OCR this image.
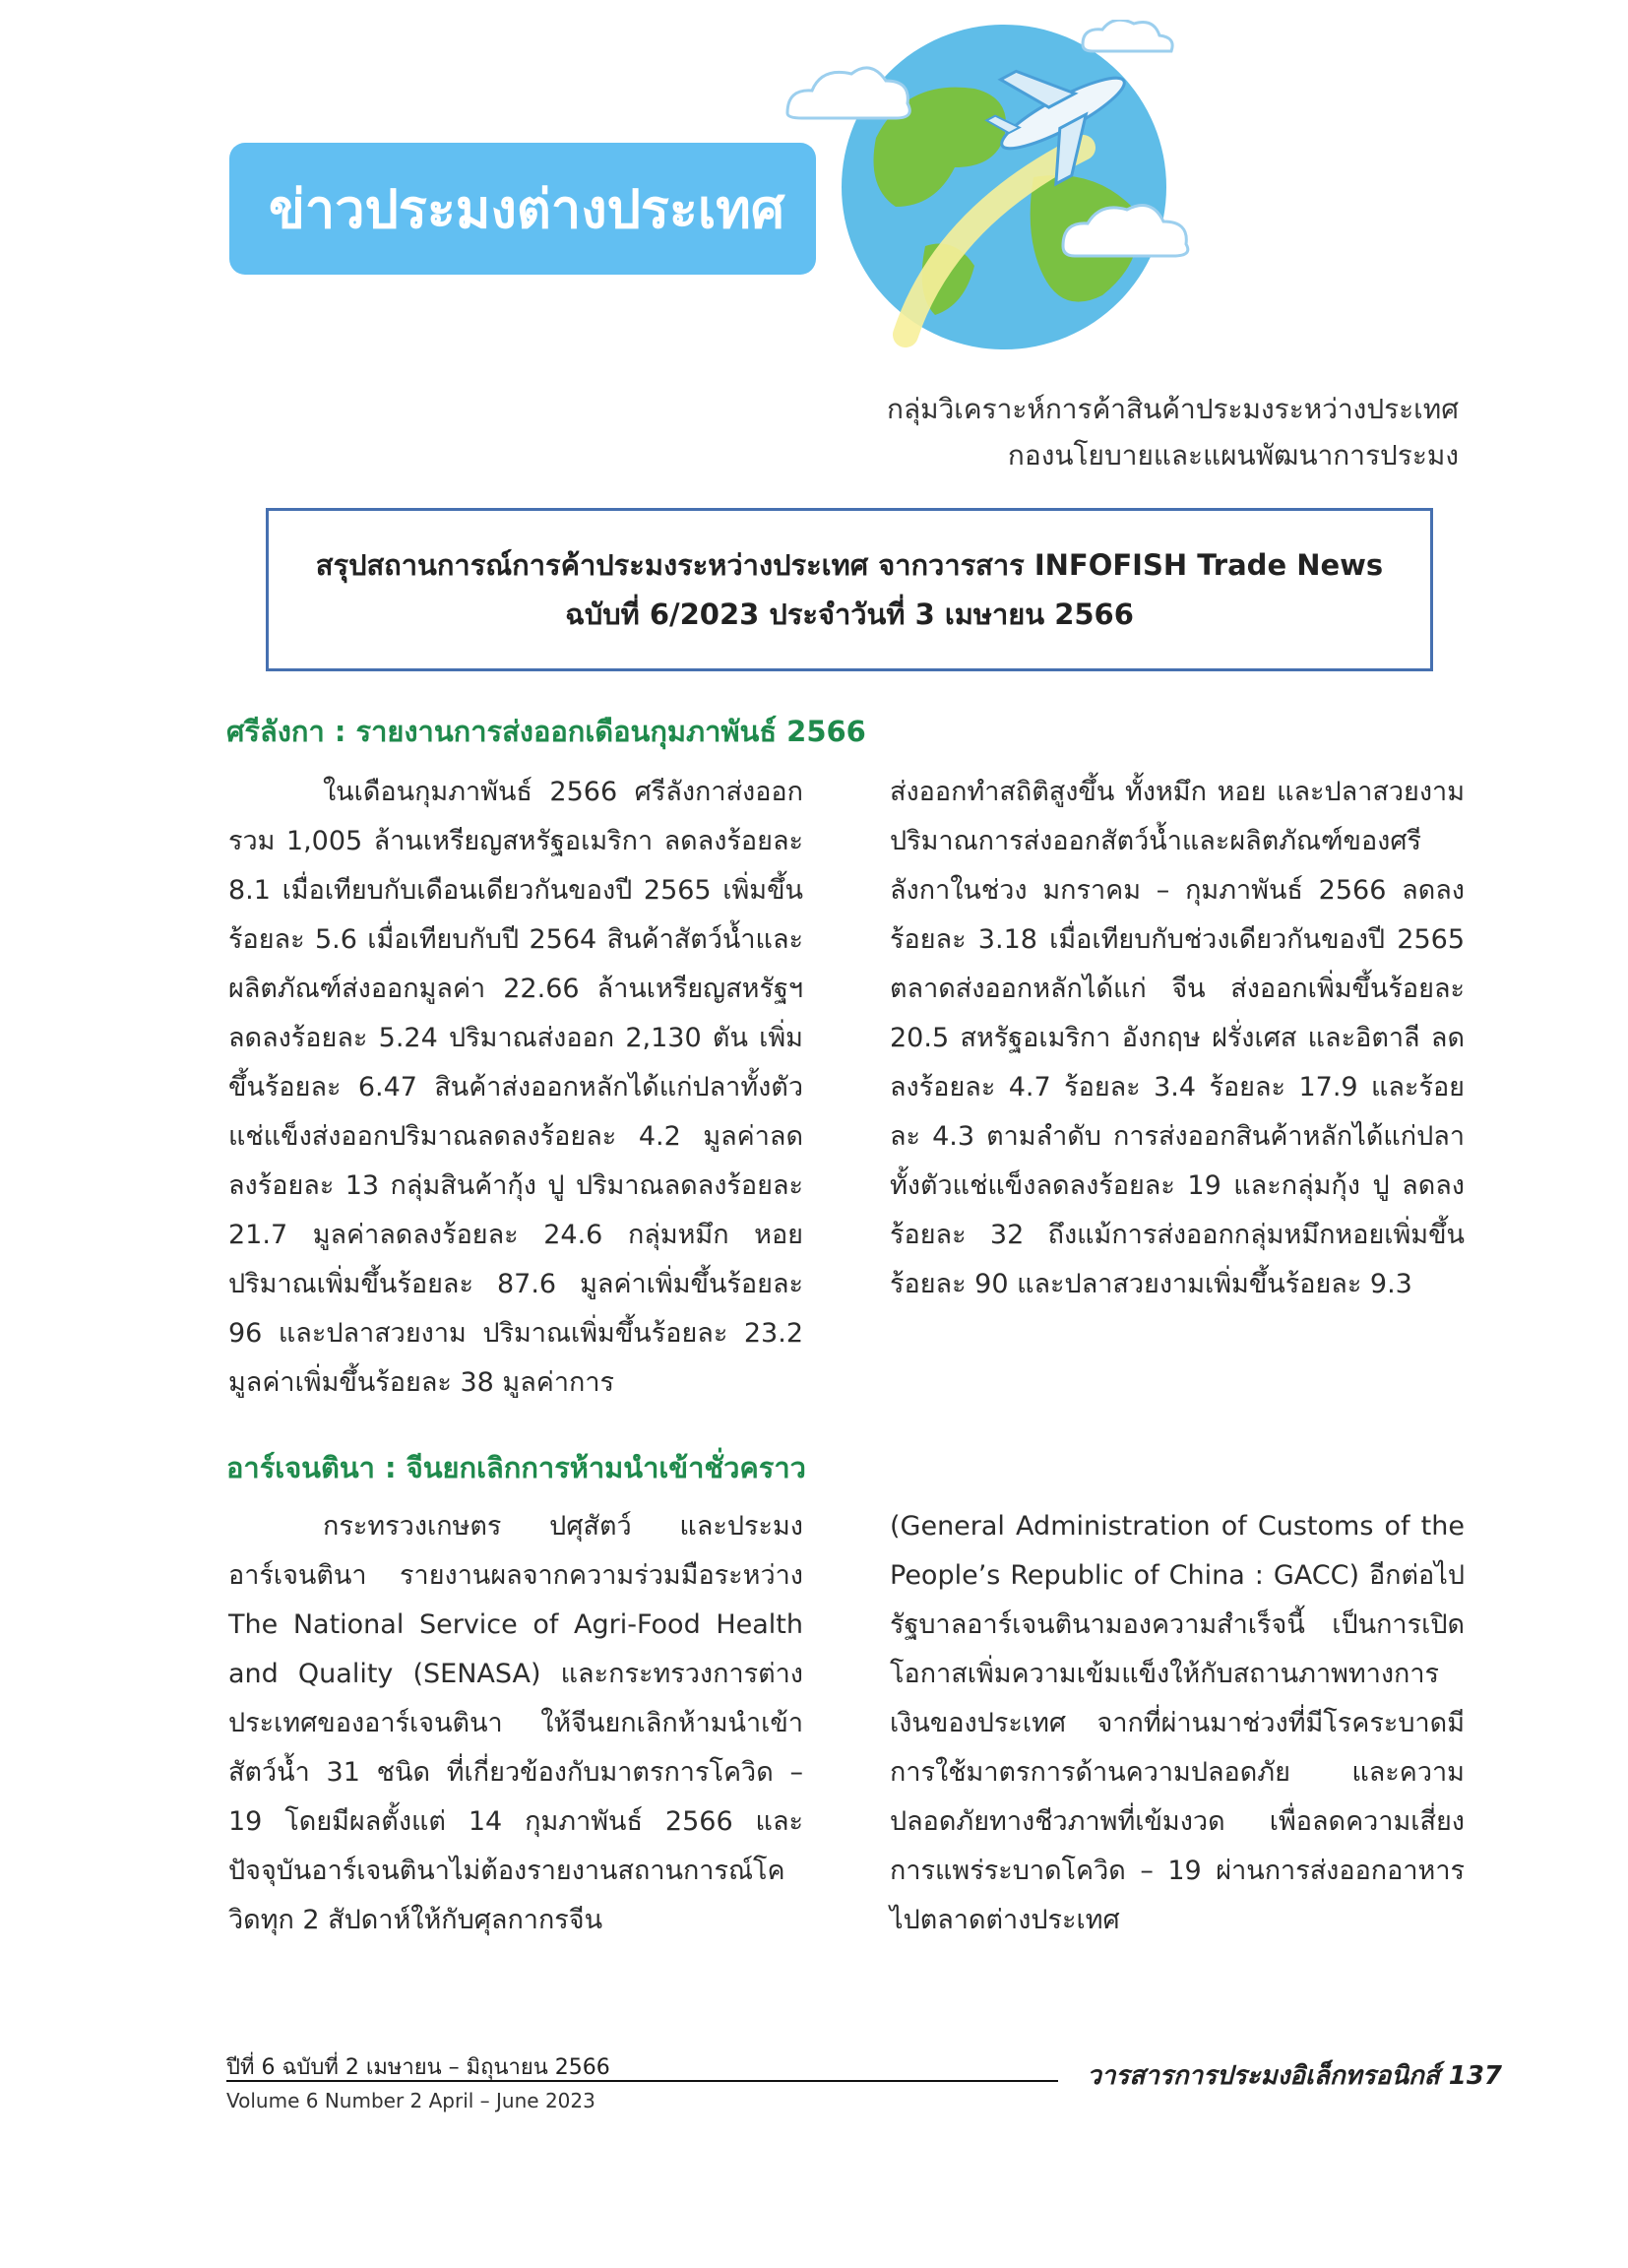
ข่าวประมงต่างประเทศ
กลุ่มวิเคราะห์การค้าสินค้าประมงระหว่างประเทศ
กองนโยบายและแผนพัฒนาการประมง
สรุปสถานการณ์การค้าประมงระหว่างประเทศ จากวารสาร INFOFISH Trade News
ฉบับที่ 6/2023 ประจำวันที่ 3 เมษายน 2566
ศรีลังกา : รายงานการส่งออกเดือนกุมภาพันธ์ 2566
ในเดือนกุมภาพันธ์ 2566 ศรีลังกาส่งออกรวม 1,005 ล้านเหรียญสหรัฐอเมริกา ลดลงร้อยละ 8.1 เมื่อเทียบกับเดือนเดียวกันของปี 2565 เพิ่มขึ้นร้อยละ 5.6 เมื่อเทียบกับปี 2564 สินค้าสัตว์น้ำและผลิตภัณฑ์ส่งออกมูลค่า 22.66 ล้านเหรียญสหรัฐฯ ลดลงร้อยละ 5.24 ปริมาณส่งออก 2,130 ตัน เพิ่มขึ้นร้อยละ 6.47 สินค้าส่งออกหลักได้แก่ปลาทั้งตัวแช่แข็งส่งออกปริมาณลดลงร้อยละ 4.2 มูลค่าลดลงร้อยละ 13 กลุ่มสินค้ากุ้ง ปู ปริมาณลดลงร้อยละ 21.7 มูลค่าลดลงร้อยละ 24.6 กลุ่มหมึก หอย ปริมาณเพิ่มขึ้นร้อยละ 87.6 มูลค่าเพิ่มขึ้นร้อยละ 96 และปลาสวยงาม ปริมาณเพิ่มขึ้นร้อยละ 23.2 มูลค่าเพิ่มขึ้นร้อยละ 38 มูลค่าการ
ส่งออกทำสถิติสูงขึ้น ทั้งหมึก หอย และปลาสวยงาม ปริมาณการส่งออกสัตว์น้ำและผลิตภัณฑ์ของศรีลังกาในช่วง มกราคม – กุมภาพันธ์ 2566 ลดลงร้อยละ 3.18 เมื่อเทียบกับช่วงเดียวกันของปี 2565 ตลาดส่งออกหลักได้แก่ จีน ส่งออกเพิ่มขึ้นร้อยละ 20.5 สหรัฐอเมริกา อังกฤษ ฝรั่งเศส และอิตาลี ลดลงร้อยละ 4.7 ร้อยละ 3.4 ร้อยละ 17.9 และร้อยละ 4.3 ตามลำดับ การส่งออกสินค้าหลักได้แก่ปลาทั้งตัวแช่แข็งลดลงร้อยละ 19 และกลุ่มกุ้ง ปู ลดลงร้อยละ 32 ถึงแม้การส่งออกกลุ่มหมึกหอยเพิ่มขึ้นร้อยละ 90 และปลาสวยงามเพิ่มขึ้นร้อยละ 9.3
อาร์เจนตินา : จีนยกเลิกการห้ามนำเข้าชั่วคราว
กระทรวงเกษตร ปศุสัตว์ และประมงอาร์เจนตินา รายงานผลจากความร่วมมือระหว่าง The National Service of Agri-Food Health and Quality (SENASA) และกระทรวงการต่างประเทศของอาร์เจนตินา ให้จีนยกเลิกห้ามนำเข้าสัตว์น้ำ 31 ชนิด ที่เกี่ยวข้องกับมาตรการโควิด – 19 โดยมีผลตั้งแต่ 14 กุมภาพันธ์ 2566 และปัจจุบันอาร์เจนตินาไม่ต้องรายงานสถานการณ์โควิดทุก 2 สัปดาห์ให้กับศุลกากรจีน
(General Administration of Customs of the People’s Republic of China : GACC) อีกต่อไป รัฐบาลอาร์เจนตินามองความสำเร็จนี้ เป็นการเปิดโอกาสเพิ่มความเข้มแข็งให้กับสถานภาพทางการเงินของประเทศ จากที่ผ่านมาช่วงที่มีโรคระบาดมีการใช้มาตรการด้านความปลอดภัย และความปลอดภัยทางชีวภาพที่เข้มงวด เพื่อลดความเสี่ยงการแพร่ระบาดโควิด – 19 ผ่านการส่งออกอาหารไปตลาดต่างประเทศ
ปีที่ 6 ฉบับที่ 2 เมษายน – มิถุนายน 2566
Volume 6 Number 2 April – June 2023
วารสารการประมงอิเล็กทรอนิกส์ 137
